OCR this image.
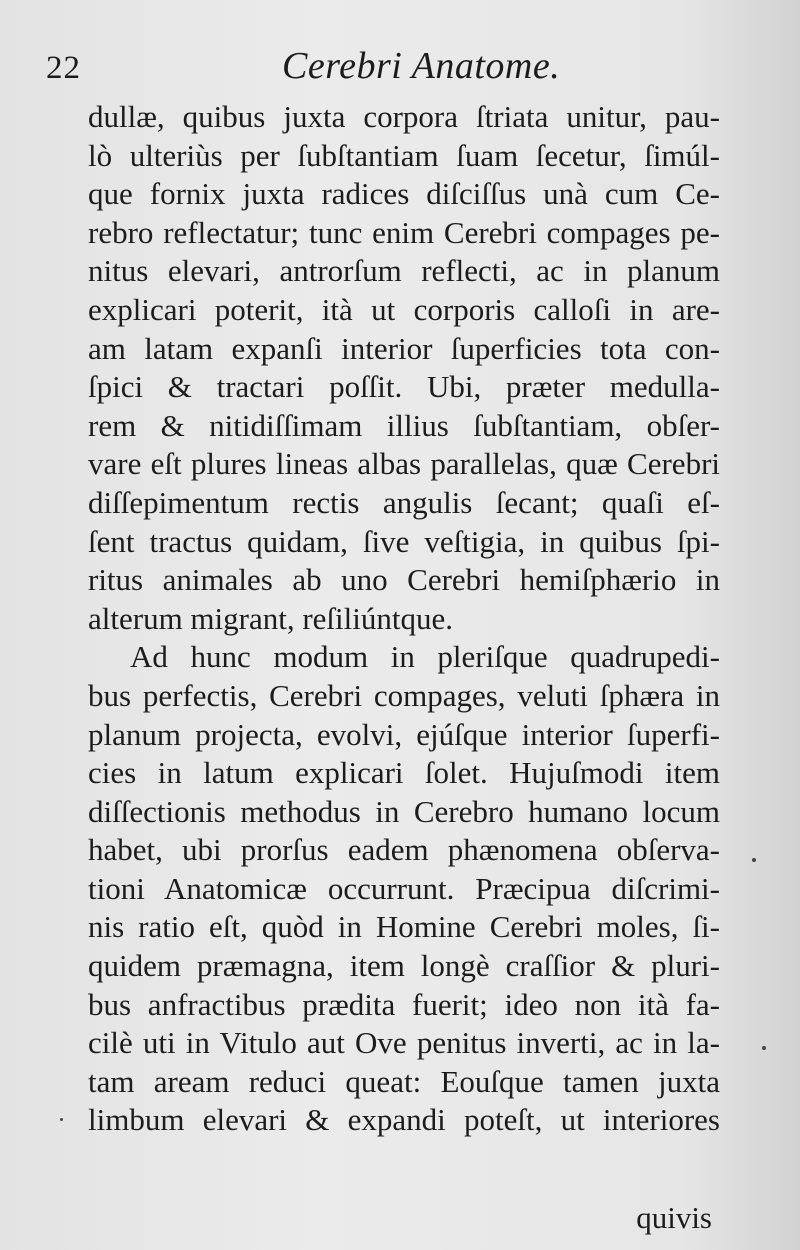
22	Cerebri Anatome.
dullæ, quibus juxta corpora ſtriata unitur, pau-
lò ulteriùs per ſubſtantiam ſuam ſecetur, ſimúl-
que fornix juxta radices diſciſſus unà cum Ce-
rebro reflectatur; tunc enim Cerebri compages pe-
nitus elevari, antrorſum reflecti, ac in planum
explicari poterit, ità ut corporis calloſi in are-
am latam expanſi interior ſuperficies tota con-
ſpici & tractari poſſit. Ubi, præter medulla-
rem & nitidiſſimam illius ſubſtantiam, obſer-
vare eſt plures lineas albas parallelas, quæ Cerebri
diſſepimentum rectis angulis ſecant; quaſi eſ-
ſent tractus quidam, ſive veſtigia, in quibus ſpi-
ritus animales ab uno Cerebri hemiſphærio in
alterum migrant, reſiliúntque.
Ad hunc modum in pleriſque quadrupedi-
bus perfectis, Cerebri compages, veluti ſphæra in
planum projecta, evolvi, ejúſque interior ſuperfi-
cies in latum explicari ſolet. Hujuſmodi item
diſſectionis methodus in Cerebro humano locum
habet, ubi prorſus eadem phænomena obſerva-
tioni Anatomicæ occurrunt. Præcipua diſcrimi-
nis ratio eſt, quòd in Homine Cerebri moles, ſi-
quidem præmagna, item longè craſſior & pluri-
bus anfractibus prædita fuerit; ideo non ità fa-
cilè uti in Vitulo aut Ove penitus inverti, ac in la-
tam aream reduci queat: Eouſque tamen juxta
limbum elevari & expandi poteſt, ut interiores
quivis
